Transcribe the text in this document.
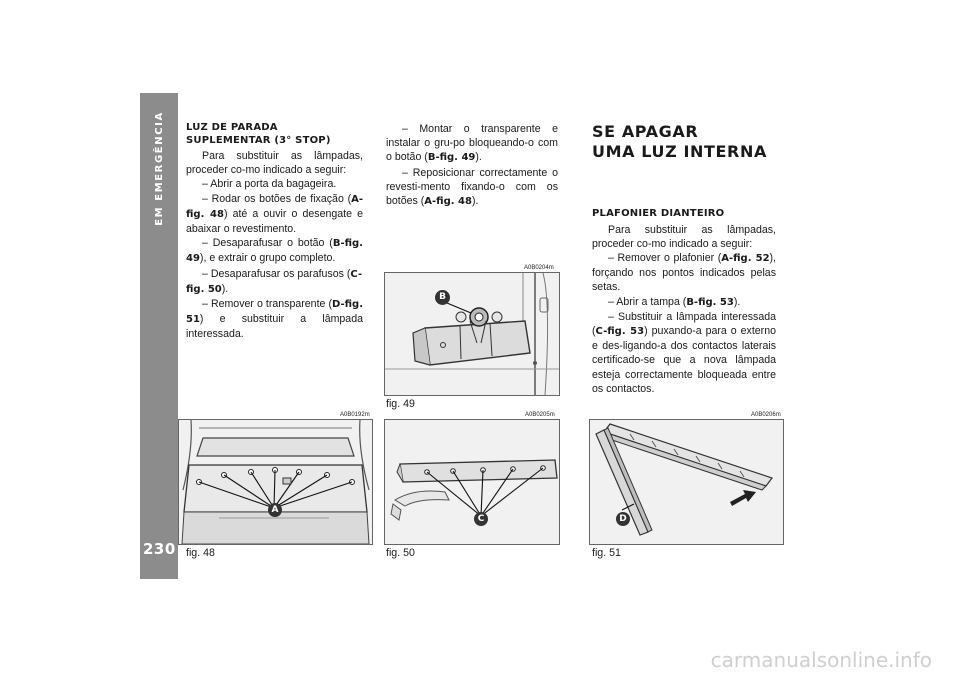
EM EMERGÊNCIA
230

LUZ DE PARADA
SUPLEMENTAR (3° STOP)

Para substituir as lâmpadas, proceder co-mo indicado a seguir:

– Abrir a porta da bagageira.

– Rodar os botões de fixação (A-fig. 48) até a ouvir o desengate e abaixar o revestimento.

– Desaparafusar o botão (B-fig. 49), e extrair o grupo completo.

– Desaparafusar os parafusos (C-fig. 50).

– Remover o transparente (D-fig. 51) e substituir a lâmpada interessada.

– Montar o transparente e instalar o gru-po bloqueando-o com o botão (B-fig. 49).

– Reposicionar correctamente o revesti-mento fixando-o com os botões (A-fig. 48).

SE APAGAR
UMA LUZ INTERNA

PLAFONIER DIANTEIRO

Para substituir as lâmpadas, proceder co-mo indicado a seguir:

– Remover o plafonier (A-fig. 52), forçando nos pontos indicados pelas setas.

– Abrir a tampa (B-fig. 53).

– Substituir a lâmpada interessada (C-fig. 53) puxando-a para o externo e des-ligando-a dos contactos laterais certificado-se que a nova lâmpada esteja correctamente bloqueada entre os contactos.

A0B0204m
B
fig. 49
A0B0192m
A
fig. 48
A0B0205m
C
fig. 50
A0B0206m
D
fig. 51
carmanualsonline.info
